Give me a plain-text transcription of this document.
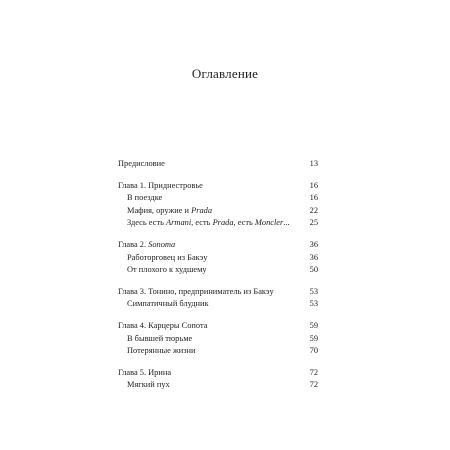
Оглавление
Предисловие	13
Глава 1. Приднестровье	16
В поездке	16
Мафия, оружие и Prada	22
Здесь есть Armani, есть Prada, есть Moncler... 25
Глава 2. Sonoma	36
Работорговец из Бакэу	36
От плохого к худшему	50
Глава 3. Тонино, предприниматель из Бакэу	53
Симпатичный блудник	53
Глава 4. Карцеры Сопота	59
В бывшей тюрьме	59
Потерянные жизни	70
Глава 5. Ирина	72
Мягкий пух	72
